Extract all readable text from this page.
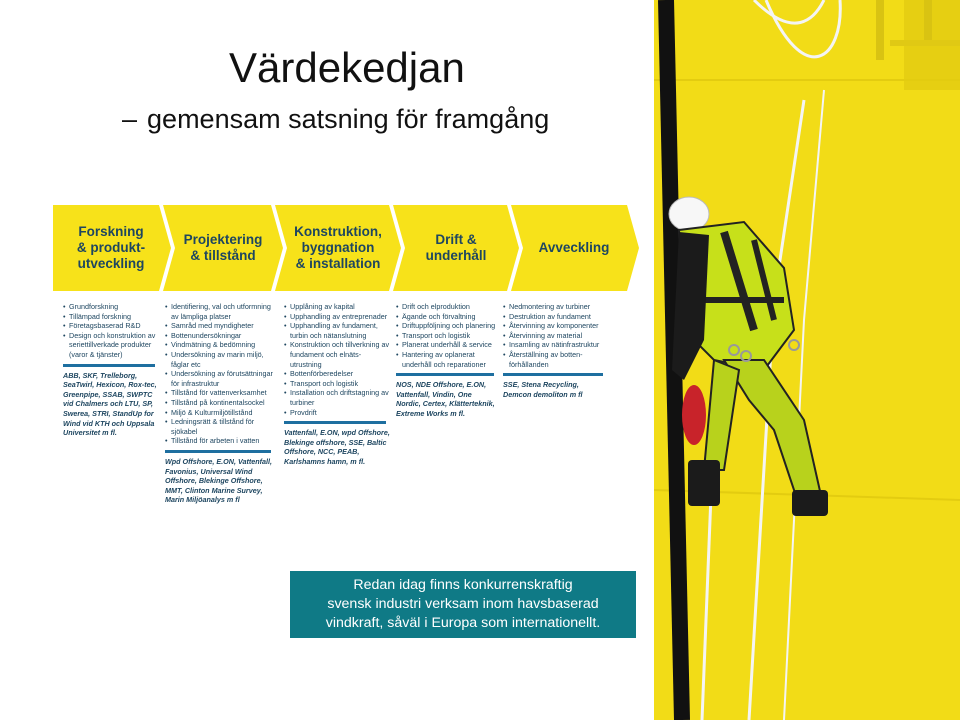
Värdekedjan
– gemensam satsning för framgång
Forskning
& produkt-
utveckling
Projektering
& tillstånd
Konstruktion,
byggnation
& installation
Drift &
underhåll
Avveckling
• Grundforskning
• Tillämpad forskning
• Företagsbaserad R&D
• Design och konstruktion av seriettillverkade produkter (varor & tjänster)
ABB, SKF, Trelleborg, SeaTwirl, Hexicon, Rox-tec, Greenpipe, SSAB, SWPTC vid Chalmers och LTU, SP, Swerea, STRI, StandUp for Wind vid KTH och Uppsala Universitet m fl.
• Identifiering, val och utformning av lämpliga platser
• Samråd med myndigheter
• Bottenundersökningar
• Vindmätning & bedömning
• Undersökning av marin miljö, fåglar etc
• Undersökning av förutsättningar för infrastruktur
• Tillstånd för vattenverksamhet
• Tillstånd på kontinentalsockel
• Miljö & Kulturmiljötillstånd
• Ledningsrätt & tillstånd för sjökabel
• Tillstånd för arbeten i vatten
Wpd Offshore, E.ON, Vattenfall, Favonius, Universal Wind Offshore, Blekinge Offshore, MMT, Clinton Marine Survey, Marin Miljöanalys m fl
• Upplåning av kapital
• Upphandling av entreprenader
• Upphandling av fundament, turbin och nätanslutning
• Konstruktion och tillverkning av fundament och elnäts-utrustning
• Bottenförberedelser
• Transport och logistik
• Installation och driftstagning av turbiner
• Provdrift
Vattenfall, E.ON, wpd Offshore, Blekinge offshore, SSE, Baltic Offshore, NCC, PEAB, Karlshamns hamn, m fl.
• Drift och elproduktion
• Ägande och förvaltning
• Driftuppföljning och planering
• Transport och logistik
• Planerat underhåll & service
• Hantering av oplanerat underhåll och reparationer
NOS, NDE Offshore, E.ON, Vattenfall, Vindin, One Nordic, Certex, Klätterteknik, Extreme Works m fl.
• Nedmontering av turbiner
• Destruktion av fundament
• Återvinning av komponenter
• Återvinning av material
• Insamling av nätinfrastruktur
• Återställning av botten-förhållanden
SSE, Stena Recycling, Demcon demoliton m fl
Redan idag finns konkurrenskraftig
svensk industri verksam inom havsbaserad
vindkraft, såväl i Europa som internationellt.
